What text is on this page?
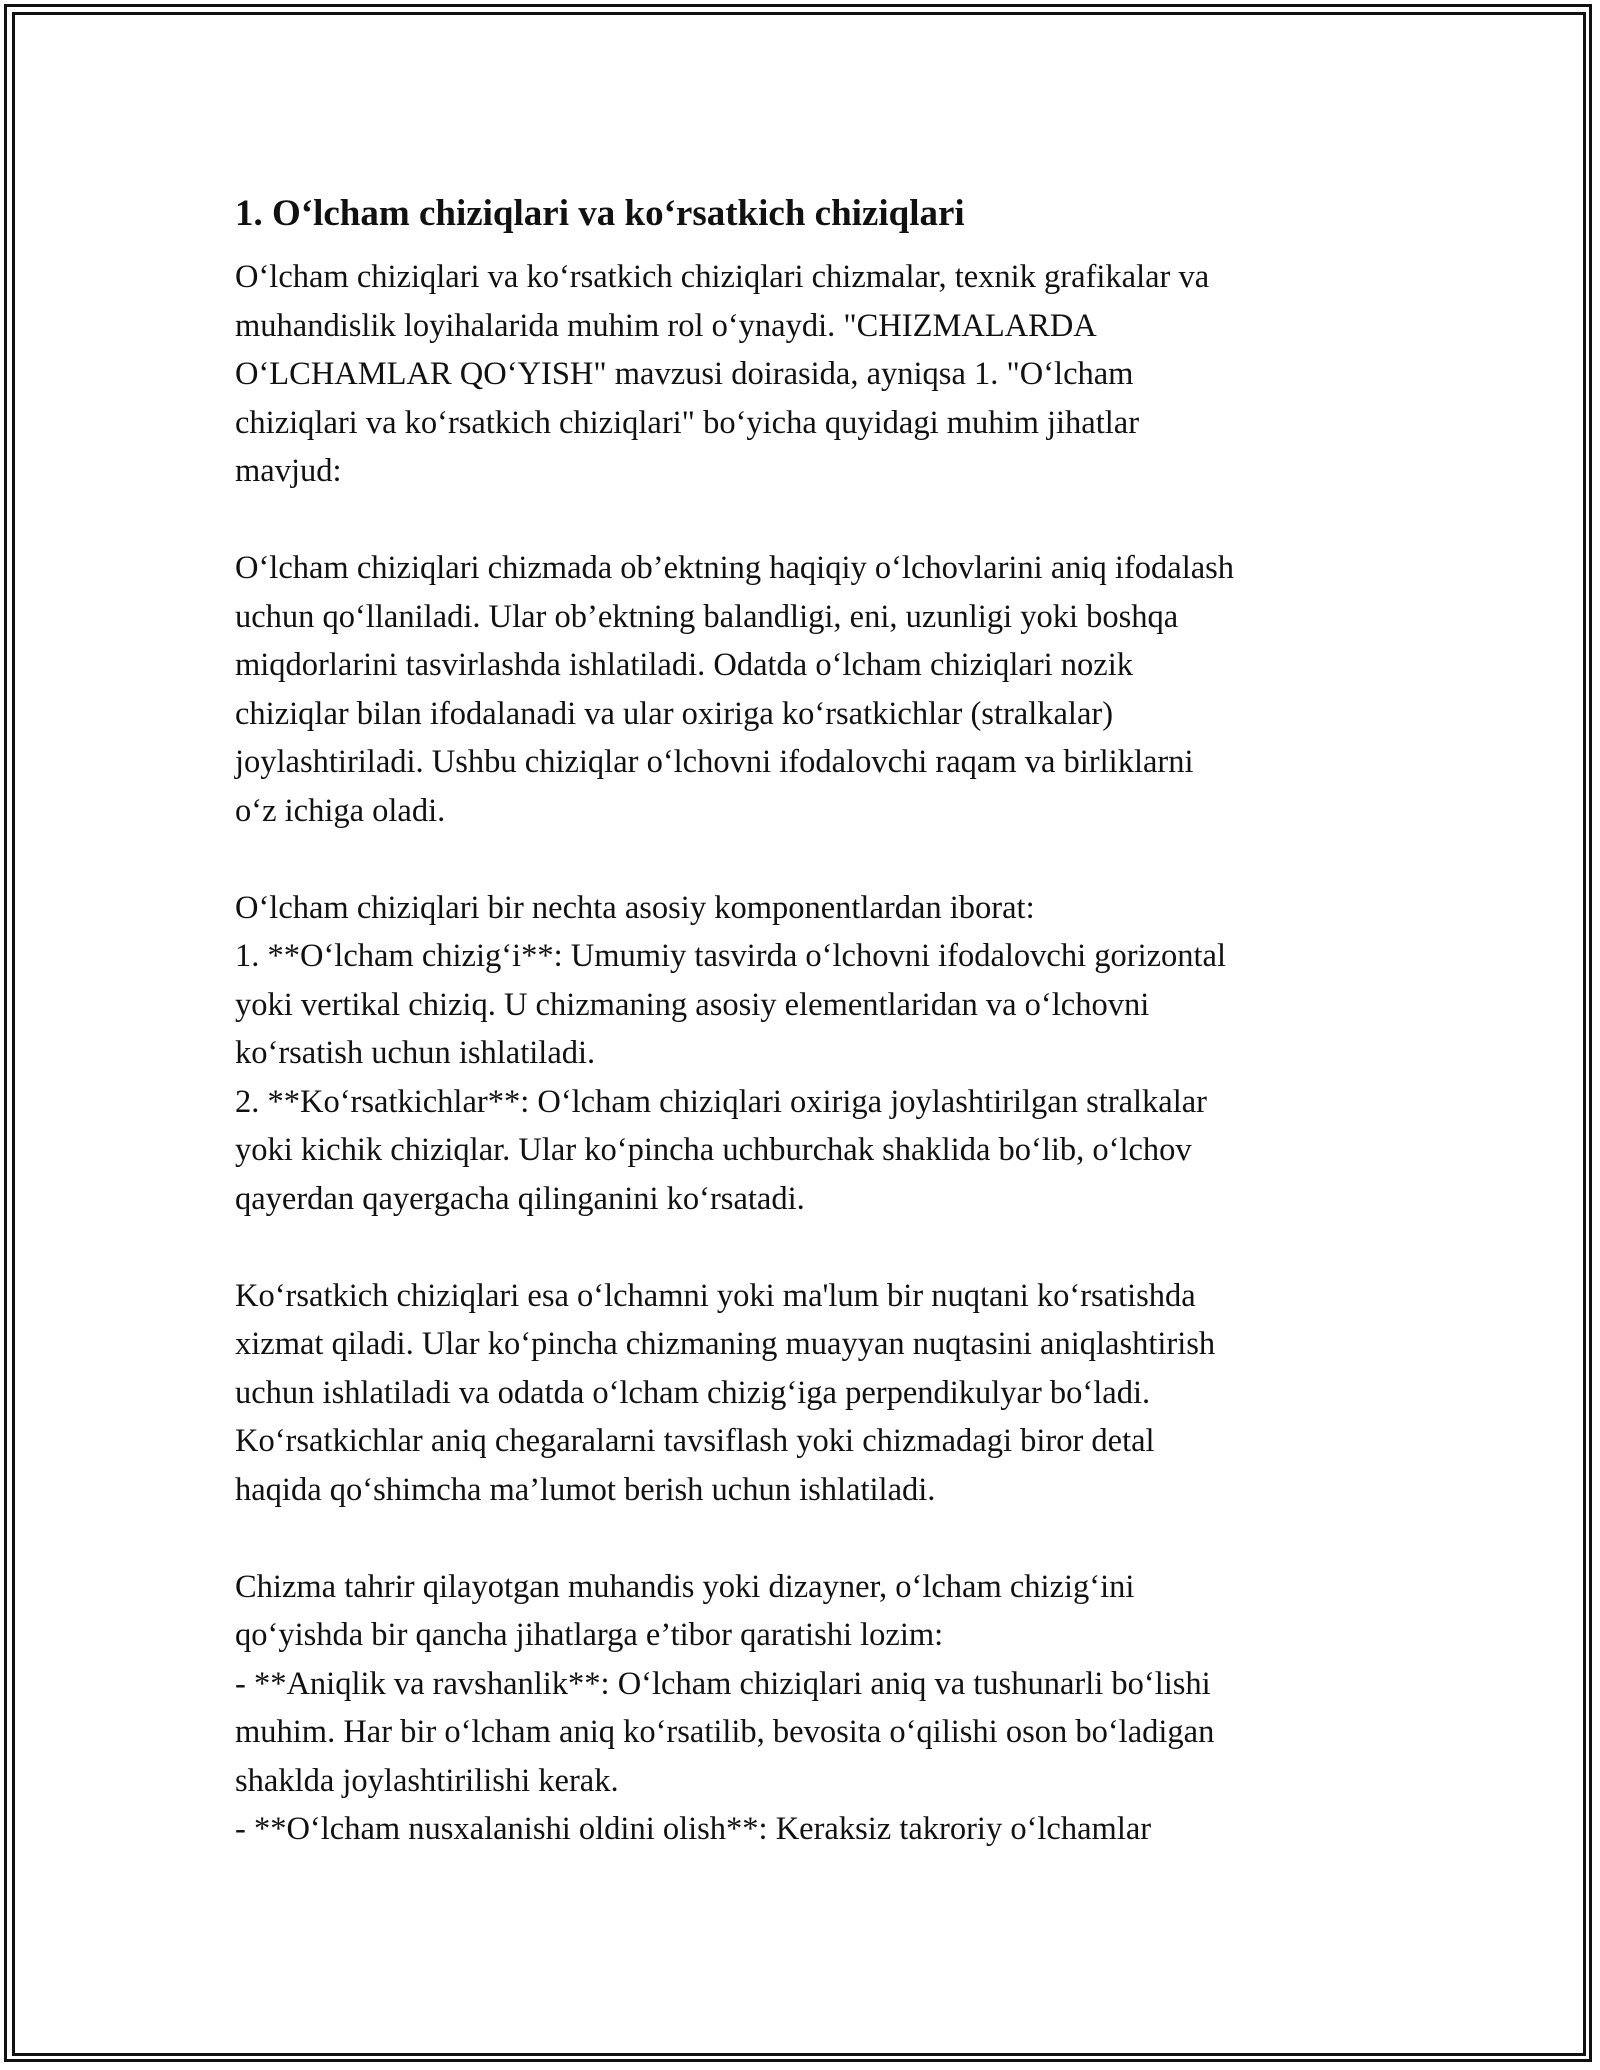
1. O‘lcham chiziqlari va ko‘rsatkich chiziqlari
O‘lcham chiziqlari va ko‘rsatkich chiziqlari chizmalar, texnik grafikalar va
muhandislik loyihalarida muhim rol o‘ynaydi. "CHIZMALARDA
O‘LCHAMLAR QO‘YISH" mavzusi doirasida, ayniqsa 1. "O‘lcham
chiziqlari va ko‘rsatkich chiziqlari" bo‘yicha quyidagi muhim jihatlar
mavjud:
O‘lcham chiziqlari chizmada ob’ektning haqiqiy o‘lchovlarini aniq ifodalash
uchun qo‘llaniladi. Ular ob’ektning balandligi, eni, uzunligi yoki boshqa
miqdorlarini tasvirlashda ishlatiladi. Odatda o‘lcham chiziqlari nozik
chiziqlar bilan ifodalanadi va ular oxiriga ko‘rsatkichlar (stralkalar)
joylashtiriladi. Ushbu chiziqlar o‘lchovni ifodalovchi raqam va birliklarni
o‘z ichiga oladi.
O‘lcham chiziqlari bir nechta asosiy komponentlardan iborat:
1. **O‘lcham chizig‘i**: Umumiy tasvirda o‘lchovni ifodalovchi gorizontal
yoki vertikal chiziq. U chizmaning asosiy elementlaridan va o‘lchovni
ko‘rsatish uchun ishlatiladi.
2. **Ko‘rsatkichlar**: O‘lcham chiziqlari oxiriga joylashtirilgan stralkalar
yoki kichik chiziqlar. Ular ko‘pincha uchburchak shaklida bo‘lib, o‘lchov
qayerdan qayergacha qilinganini ko‘rsatadi.
Ko‘rsatkich chiziqlari esa o‘lchamni yoki ma'lum bir nuqtani ko‘rsatishda
xizmat qiladi. Ular ko‘pincha chizmaning muayyan nuqtasini aniqlashtirish
uchun ishlatiladi va odatda o‘lcham chizig‘iga perpendikulyar bo‘ladi.
Ko‘rsatkichlar aniq chegaralarni tavsiflash yoki chizmadagi biror detal
haqida qo‘shimcha ma’lumot berish uchun ishlatiladi.
Chizma tahrir qilayotgan muhandis yoki dizayner, o‘lcham chizig‘ini
qo‘yishda bir qancha jihatlarga e’tibor qaratishi lozim:
- **Aniqlik va ravshanlik**: O‘lcham chiziqlari aniq va tushunarli bo‘lishi
muhim. Har bir o‘lcham aniq ko‘rsatilib, bevosita o‘qilishi oson bo‘ladigan
shaklda joylashtirilishi kerak.
- **O‘lcham nusxalanishi oldini olish**: Keraksiz takroriy o‘lchamlar
